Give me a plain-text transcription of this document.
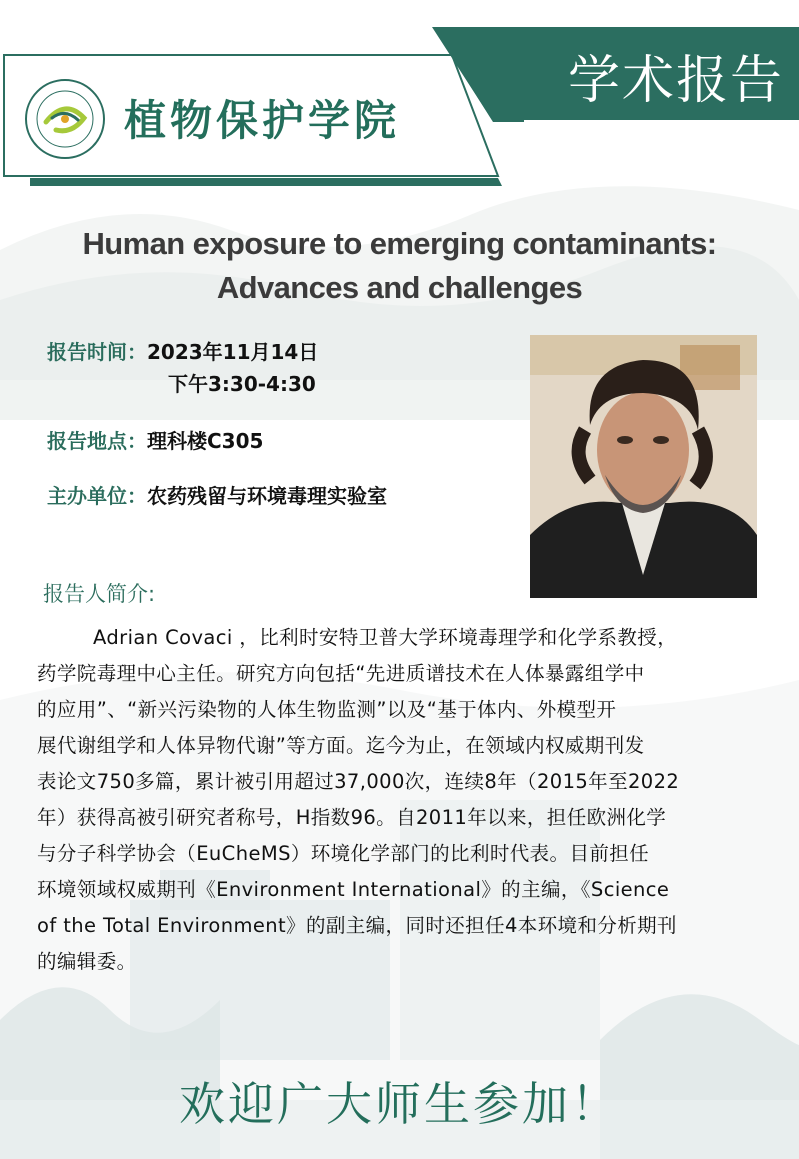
植物保护学院
学术报告
Human exposure to emerging contaminants:
Advances and challenges
报告时间：2023年11月14日
下午3:30-4:30
报告地点：理科楼C305
主办单位：农药残留与环境毒理实验室
报告人简介:
Adrian Covaci ，比利时安特卫普大学环境毒理学和化学系教授，
药学院毒理中心主任。研究方向包括“先进质谱技术在人体暴露组学中
的应用”、“新兴污染物的人体生物监测”以及“基于体内、外模型开
展代谢组学和人体异物代谢”等方面。迄今为止，在领域内权威期刊发
表论文750多篇，累计被引用超过37,000次，连续8年（2015年至2022
年）获得高被引研究者称号，H指数96。自2011年以来，担任欧洲化学
与分子科学协会（EuCheMS）环境化学部门的比利时代表。目前担任
环境领域权威期刊《Environment International》的主编，《Science
of the Total Environment》的副主编，同时还担任4本环境和分析期刊
的编辑委。
欢迎广大师生参加！
